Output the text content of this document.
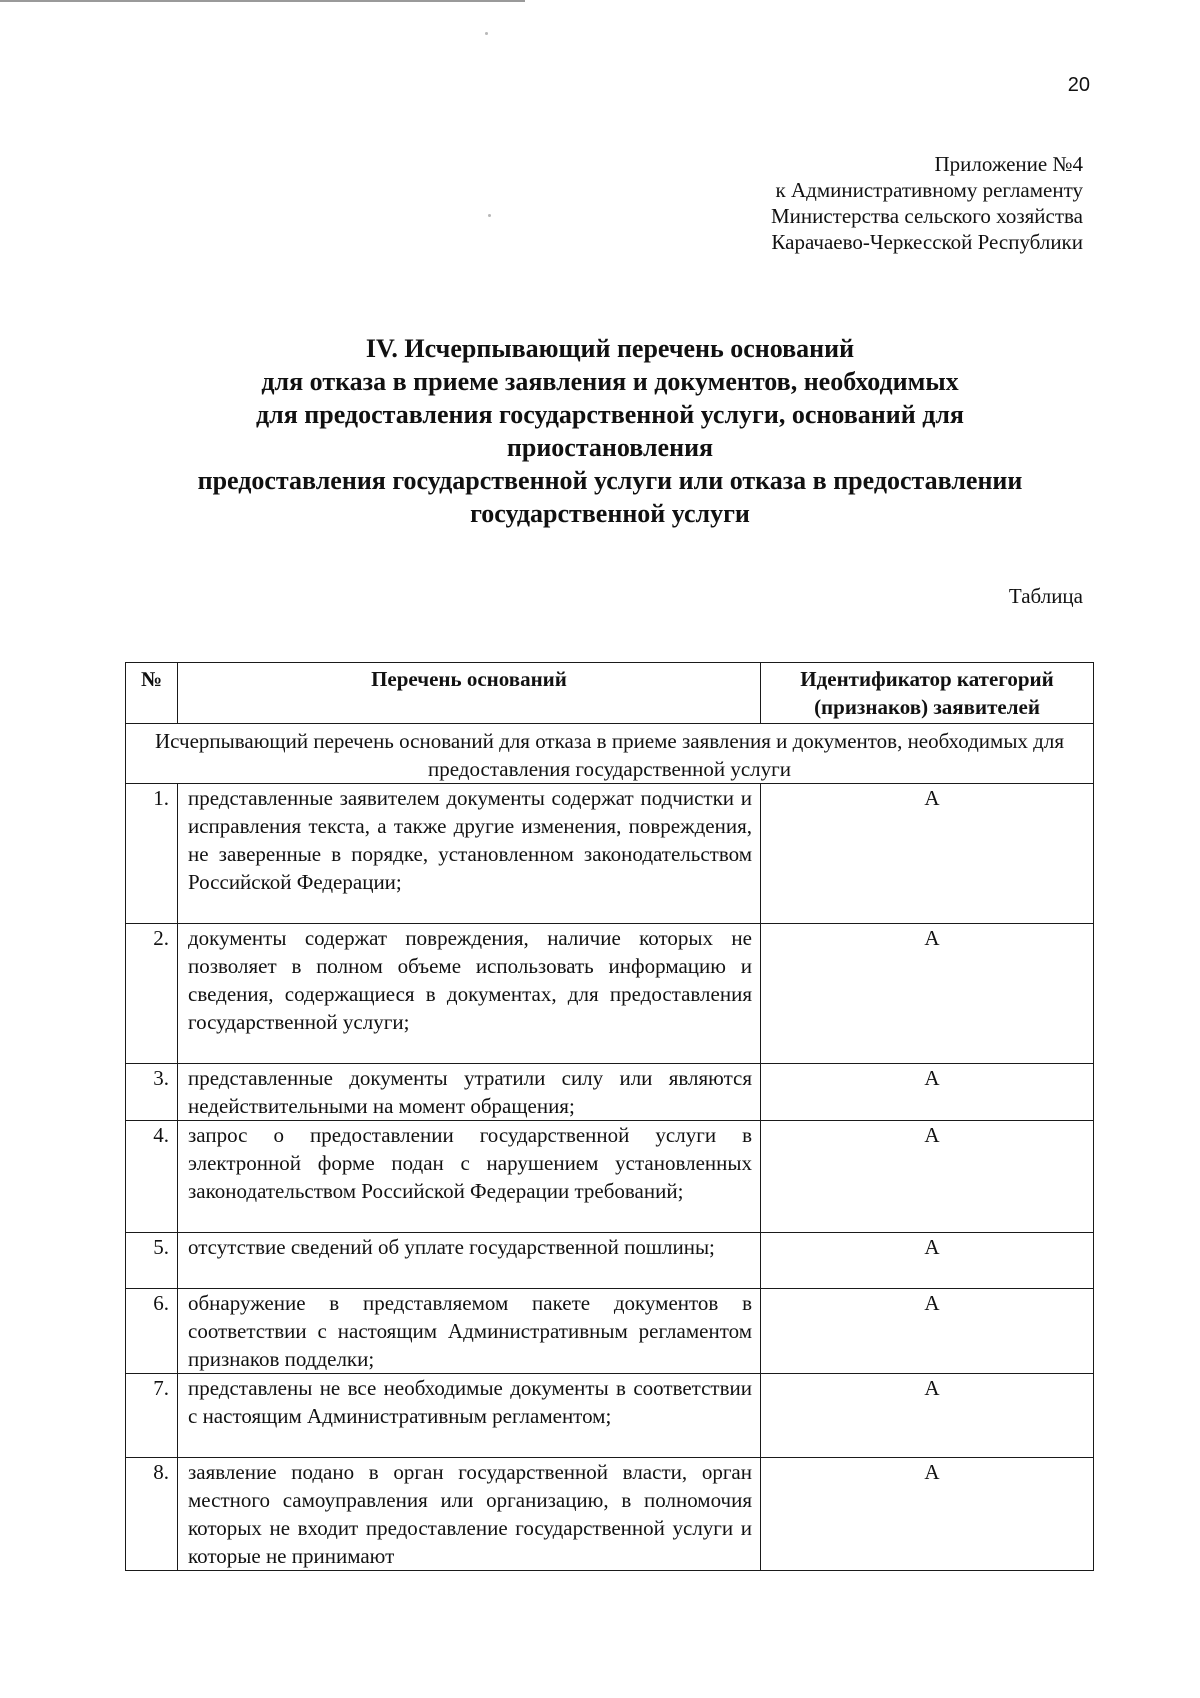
20
Приложение №4
к Административному регламенту
Министерства сельского хозяйства
Карачаево-Черкесской Республики
IV. Исчерпывающий перечень оснований
для отказа в приеме заявления и документов, необходимых
для предоставления государственной услуги, оснований для
приостановления
предоставления государственной услуги или отказа в предоставлении
государственной услуги
Таблица
№	Перечень оснований	Идентификатор категорий (признаков) заявителей
Исчерпывающий перечень оснований для отказа в приеме заявления и документов, необходимых для предоставления государственной услуги		
1.	представленные заявителем документы содержат подчистки и исправления текста, а также другие изменения, повреждения, не заверенные в порядке, установленном законодательством Российской Федерации;	А
2.	документы содержат повреждения, наличие которых не позволяет в полном объеме использовать информацию и сведения, содержащиеся в документах, для предоставления государственной услуги;	А
3.	представленные документы утратили силу или являются недействительными на момент обращения;	А
4.	запрос о предоставлении государственной услуги в электронной форме подан с нарушением установленных законодательством Российской Федерации требований;	А
5.	отсутствие сведений об уплате государственной пошлины;	А
6.	обнаружение в представляемом пакете документов в соответствии с настоящим Административным регламентом признаков подделки;	А
7.	представлены не все необходимые документы в соответствии с настоящим Административным регламентом;	А
8.	заявление подано в орган государственной власти, орган местного самоуправления или организацию, в полномочия которых не входит предоставление государственной услуги и которые не принимают	А
